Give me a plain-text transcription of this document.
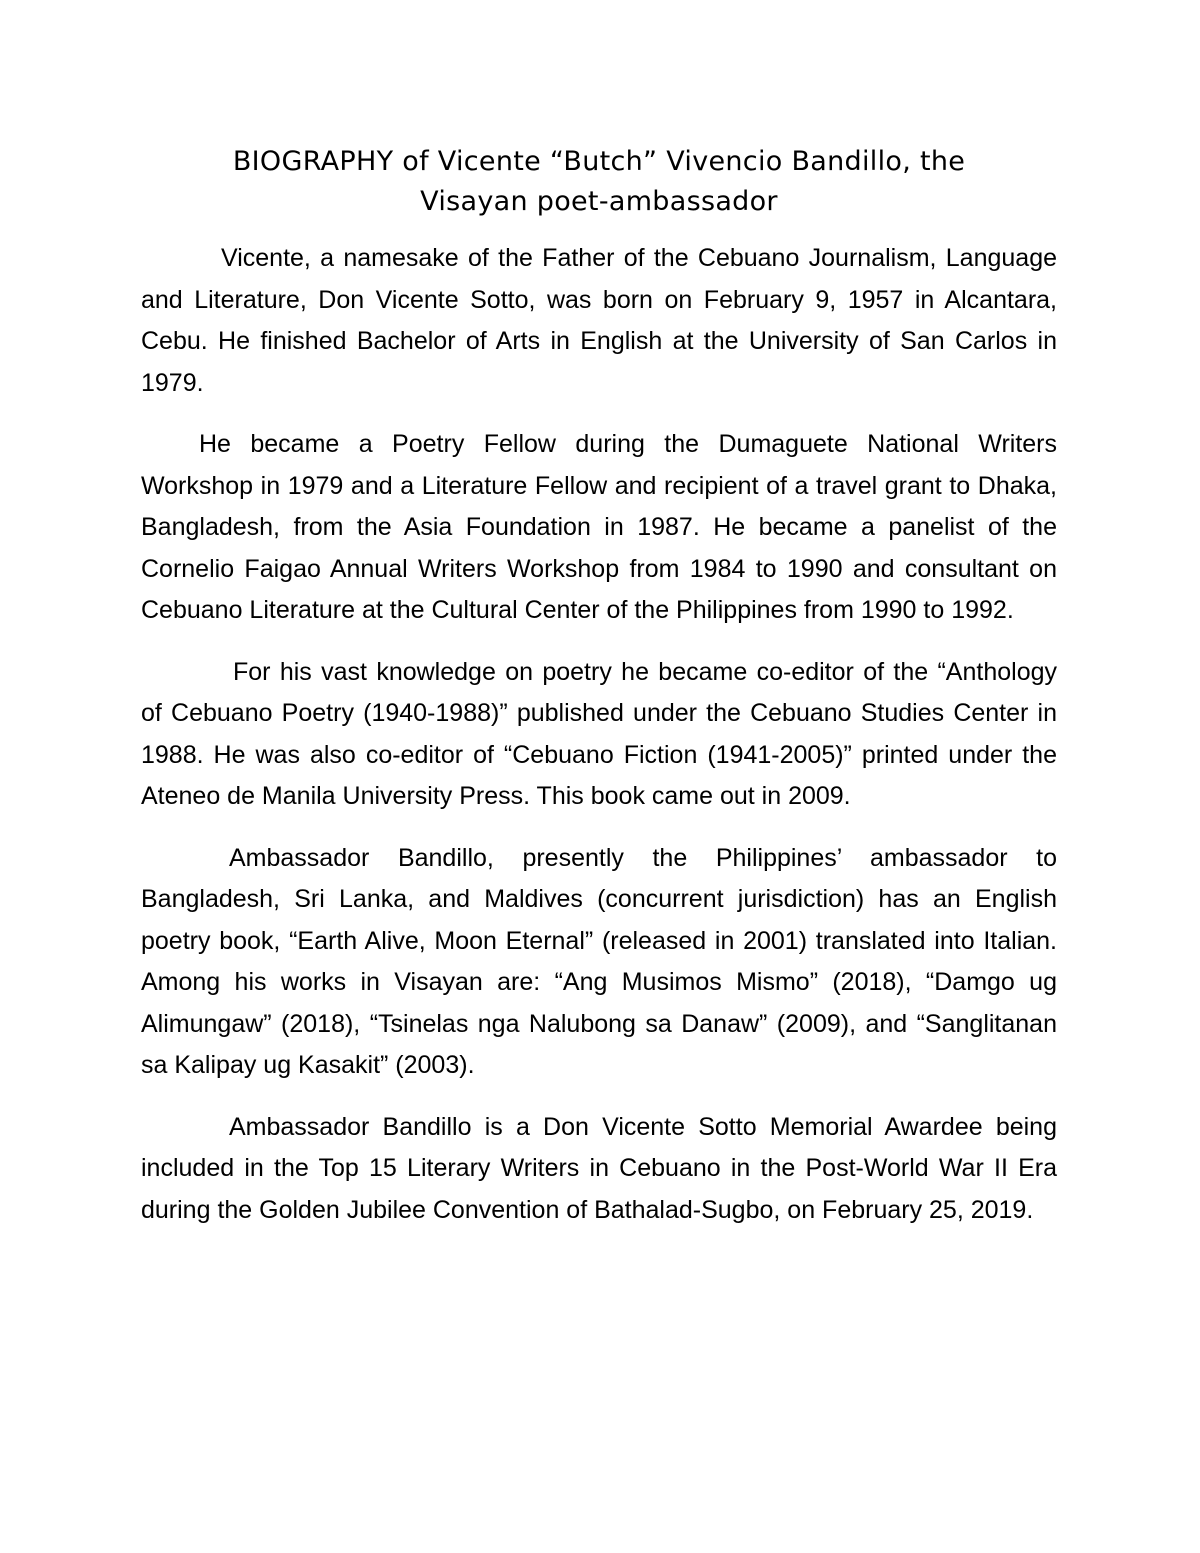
BIOGRAPHY of Vicente “Butch” Vivencio Bandillo, the
Visayan poet-ambassador

Vicente, a namesake of the Father of the Cebuano Journalism, Language and Literature, Don Vicente Sotto, was born on February 9, 1957 in Alcantara, Cebu. He finished Bachelor of Arts in English at the University of San Carlos in 1979.

He became a Poetry Fellow during the Dumaguete National Writers Workshop in 1979 and a Literature Fellow and recipient of a travel grant to Dhaka, Bangladesh, from the Asia Foundation in 1987. He became a panelist of the Cornelio Faigao Annual Writers Workshop from 1984 to 1990 and consultant on Cebuano Literature at the Cultural Center of the Philippines from 1990 to 1992.

For his vast knowledge on poetry he became co-editor of the “Anthology of Cebuano Poetry (1940-1988)” published under the Cebuano Studies Center in 1988. He was also co-editor of “Cebuano Fiction (1941-2005)” printed under the Ateneo de Manila University Press. This book came out in 2009.

Ambassador Bandillo, presently the Philippines’ ambassador to Bangladesh, Sri Lanka, and Maldives (concurrent jurisdiction) has an English poetry book, “Earth Alive, Moon Eternal” (released in 2001) translated into Italian. Among his works in Visayan are: “Ang Musimos Mismo” (2018), “Damgo ug Alimungaw” (2018), “Tsinelas nga Nalubong sa Danaw” (2009), and “Sanglitanan sa Kalipay ug Kasakit” (2003).

Ambassador Bandillo is a Don Vicente Sotto Memorial Awardee being included in the Top 15 Literary Writers in Cebuano in the Post-World War II Era during the Golden Jubilee Convention of Bathalad-Sugbo, on February 25, 2019.
